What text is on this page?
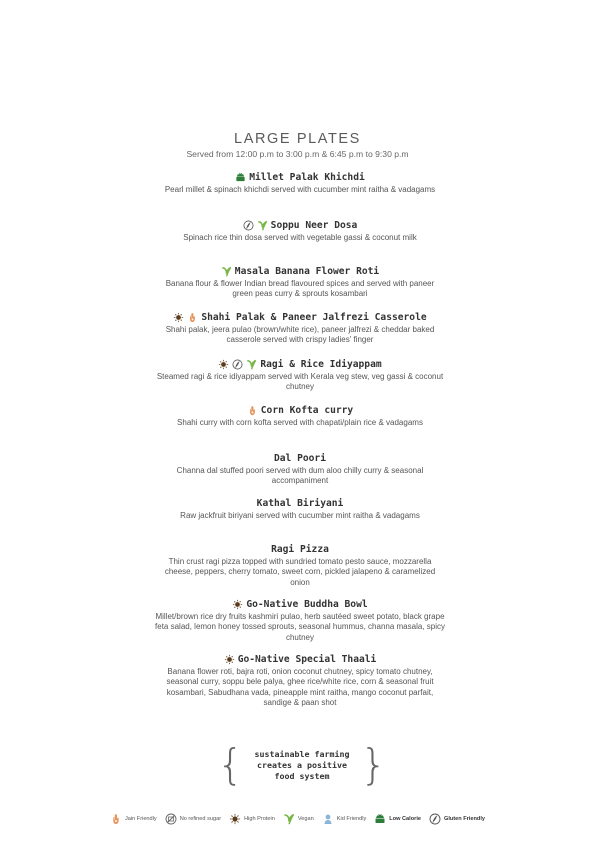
LARGE PLATES
Served from 12:00 p.m to 3:00 p.m & 6:45 p.m to 9:30 p.m
Millet Palak Khichdi
Pearl millet & spinach khichdi served with cucumber mint raitha & vadagams
Soppu Neer Dosa
Spinach rice thin dosa served with vegetable gassi & coconut milk
Masala Banana Flower Roti
Banana flour & flower Indian bread flavoured spices and served with paneer green peas curry & sprouts kosambari
Shahi Palak & Paneer Jalfrezi Casserole
Shahi palak, jeera pulao (brown/white rice), paneer jalfrezi & cheddar baked casserole served with crispy ladies' finger
Ragi & Rice Idiyappam
Steamed ragi & rice idiyappam served with Kerala veg stew, veg gassi & coconut chutney
Corn Kofta curry
Shahi curry with corn kofta served with chapati/plain rice & vadagams
Dal Poori
Channa dal stuffed poori served with dum aloo chilly curry & seasonal accompaniment
Kathal Biriyani
Raw jackfruit biriyani served with cucumber mint raitha & vadagams
Ragi Pizza
Thin crust ragi pizza topped with sundried tomato pesto sauce, mozzarella cheese, peppers, cherry tomato, sweet corn, pickled jalapeno & caramelized onion
Go-Native Buddha Bowl
Millet/brown rice dry fruits kashmiri pulao, herb sautéed sweet potato, black grape feta salad, lemon honey tossed sprouts, seasonal hummus, channa masala, spicy chutney
Go-Native Special Thaali
Banana flower roti, bajra roti, onion coconut chutney, spicy tomato chutney, seasonal curry, soppu bele palya, ghee rice/white rice, corn & seasonal fruit kosambari, Sabudhana vada, pineapple mint raitha, mango coconut parfait, sandige & paan shot
{	sustainable farming creates a positive food system }
Jain Friendly	No refined sugar	High Protein	Vegan	Kid Friendly	Low Calorie	Gluten Friendly
